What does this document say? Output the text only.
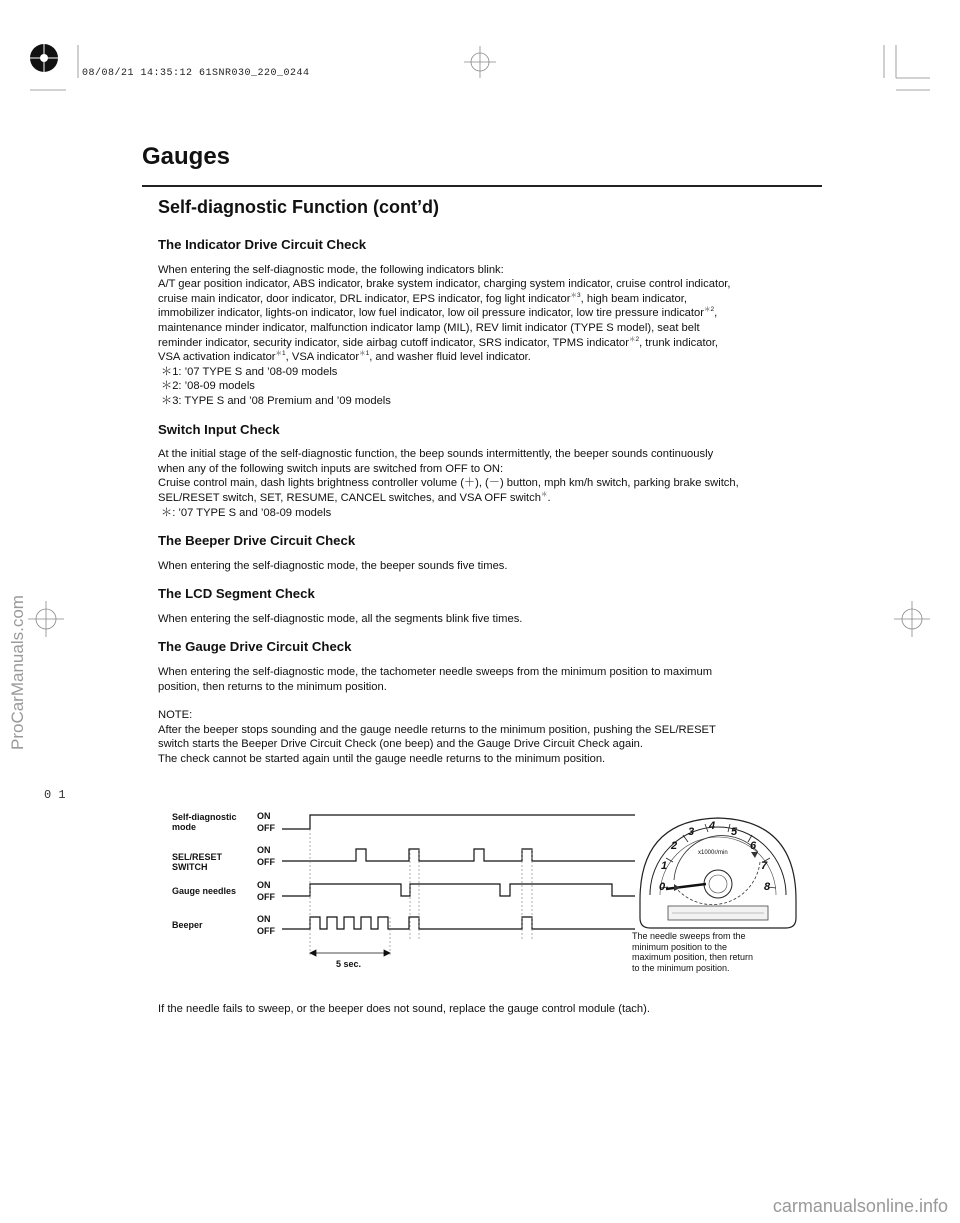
08/08/21 14:35:12 61SNR030_220_0244
ProCarManuals.com
0 1
Gauges
Self-diagnostic Function (cont’d)
The Indicator Drive Circuit Check

When entering the self-diagnostic mode, the following indicators blink:

A/T gear position indicator, ABS indicator, brake system indicator, charging system indicator, cruise control indicator,

cruise main indicator, door indicator, DRL indicator, EPS indicator, fog light indicator$^{*3}$, high beam indicator,

immobilizer indicator, lights-on indicator, low fuel indicator, low oil pressure indicator, low tire pressure indicator$^{*2}$,

maintenance minder indicator, malfunction indicator lamp (MIL), REV limit indicator (TYPE S model), seat belt

reminder indicator, security indicator, side airbag cutoff indicator, SRS indicator, TPMS indicator$^{*2}$, trunk indicator,

VSA activation indicator$^{*1}$, VSA indicator$^{*1}$, and washer fluid level indicator.

＊1: ’07 TYPE S and ’08-09 models

＊2: ’08-09 models

＊3: TYPE S and ’08 Premium and ’09 models

Switch Input Check

At the initial stage of the self-diagnostic function, the beep sounds intermittently, the beeper sounds continuously

when any of the following switch inputs are switched from OFF to ON:

Cruise control main, dash lights brightness controller volume (＋), (－) button, mph km/h switch, parking brake switch,

SEL/RESET switch, SET, RESUME, CANCEL switches, and VSA OFF switch＊.

＊: ’07 TYPE S and ’08-09 models

The Beeper Drive Circuit Check

When entering the self-diagnostic mode, the beeper sounds five times.

The LCD Segment Check

When entering the self-diagnostic mode, all the segments blink five times.

The Gauge Drive Circuit Check

When entering the self-diagnostic mode, the tachometer needle sweeps from the minimum position to maximum

position, then returns to the minimum position.

NOTE:

After the beeper stops sounding and the gauge needle returns to the minimum position, pushing the SEL/RESET

switch starts the Beeper Drive Circuit Check (one beep) and the Gauge Drive Circuit Check again.

The check cannot be started again until the gauge needle returns to the minimum position.

Self-diagnostic
mode
SEL/RESET
SWITCH
Gauge needles
Beeper
ON
OFF
ON
OFF
ON
OFF
ON
OFF
5 sec.
0
1
2
3 4 5
6
7
8
x1000r/min
The needle sweeps from the
minimum position to the
maximum position, then return
to the minimum position.
If the needle fails to sweep, or the beeper does not sound, replace the gauge control module (tach).
carmanualsonline.info
